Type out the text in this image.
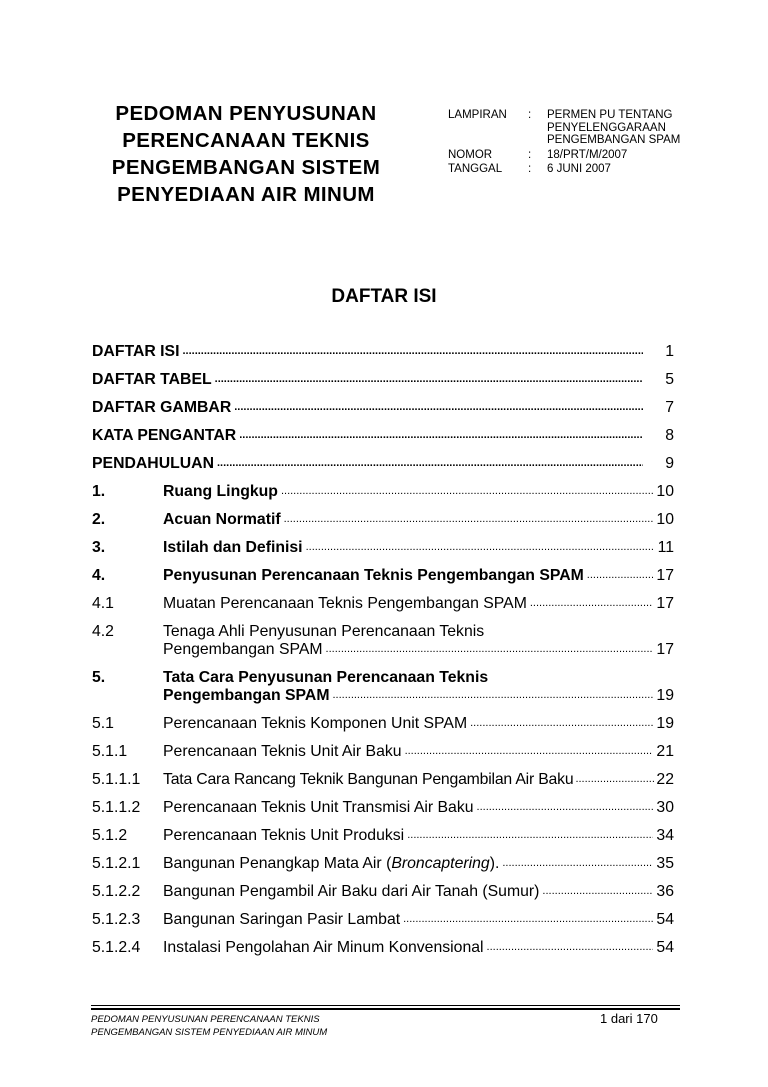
PEDOMAN PENYUSUNAN
PERENCANAAN TEKNIS
PENGEMBANGAN SISTEM
PENYEDIAAN AIR MINUM
LAMPIRAN	:	PERMEN PU TENTANG
PENYELENGGARAAN
PENGEMBANGAN SPAM
NOMOR	:	18/PRT/M/2007
TANGGAL	:	6 JUNI 2007
DAFTAR ISI
DAFTAR ISI .....	1
DAFTAR TABEL .....	5
DAFTAR GAMBAR .....	7
KATA PENGANTAR .....	8
PENDAHULUAN .....	9
1.	Ruang Lingkup .....	10
2.	Acuan Normatif .....	10
3.	Istilah dan Definisi .....	11
4.	Penyusunan Perencanaan Teknis Pengembangan SPAM .....	17
4.1	Muatan Perencanaan Teknis Pengembangan SPAM .....	17
4.2	Tenaga Ahli Penyusunan Perencanaan Teknis
Pengembangan SPAM .....	17
5.	Tata Cara Penyusunan Perencanaan Teknis
Pengembangan SPAM .....	19
5.1	Perencanaan Teknis Komponen Unit SPAM .....	19
5.1.1	Perencanaan Teknis Unit Air Baku .....	21
5.1.1.1	Tata Cara Rancang Teknik Bangunan Pengambilan Air Baku .....	22
5.1.1.2	Perencanaan Teknis Unit Transmisi Air Baku .....	30
5.1.2	Perencanaan Teknis Unit Produksi .....	34
5.1.2.1	Bangunan Penangkap Mata Air (Broncaptering). .....	35
5.1.2.2	Bangunan Pengambil Air Baku dari Air Tanah (Sumur) .....	36
5.1.2.3	Bangunan Saringan Pasir Lambat .....	54
5.1.2.4	Instalasi Pengolahan Air Minum Konvensional .....	54
PEDOMAN PENYUSUNAN PERENCANAAN TEKNIS
PENGEMBANGAN SISTEM PENYEDIAAN AIR MINUM
1 dari 170
